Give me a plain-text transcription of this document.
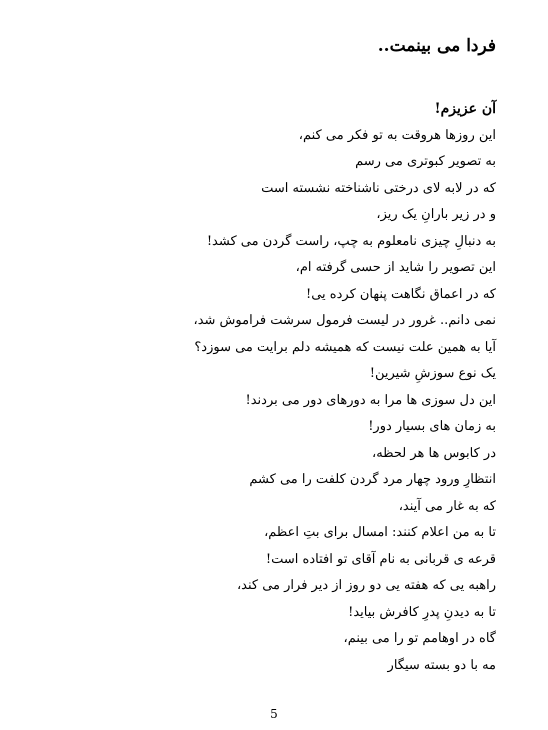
فردا می بینمت..
آن عزیزم!
این روزها هروقت به تو فکر می کنم،
به تصویر کبوتری می رسم
که در لابه لای درختی ناشناخته نشسته است
و در زیر بارانِ یک ریز،
به دنبالِ چیزی نامعلوم به چپ، راست گردن می کشد!
این تصویر را شاید از حسی گرفته ام،
که در اعماق نگاهت پنهان کرده یی!
نمی دانم.. غرور در لیست فرمول سرشت فراموش شد،
آیا به همین علت نیست که همیشه دلم برایت می سوزد؟
یک نوع سوزشِ شیرین!
این دل سوزی ها مرا به دورهای دور می بردند!
به زمان های بسیار دور!
در کابوس ها هر لحظه،
انتظارِ ورود چهار مرد گردن کلفت را می کشم
که به غار می آیند،
تا به من اعلام کنند: امسال برای بتِ اعظم،
قرعه ی قربانی به نام آقای تو افتاده است!
راهبه یی که هفته یی دو روز از دیر فرار می کند،
تا به دیدنِ پدرِ کافرش بیاید!
گاه در اوهامم تو را می بینم،
مه با دو بسته سیگار
5
